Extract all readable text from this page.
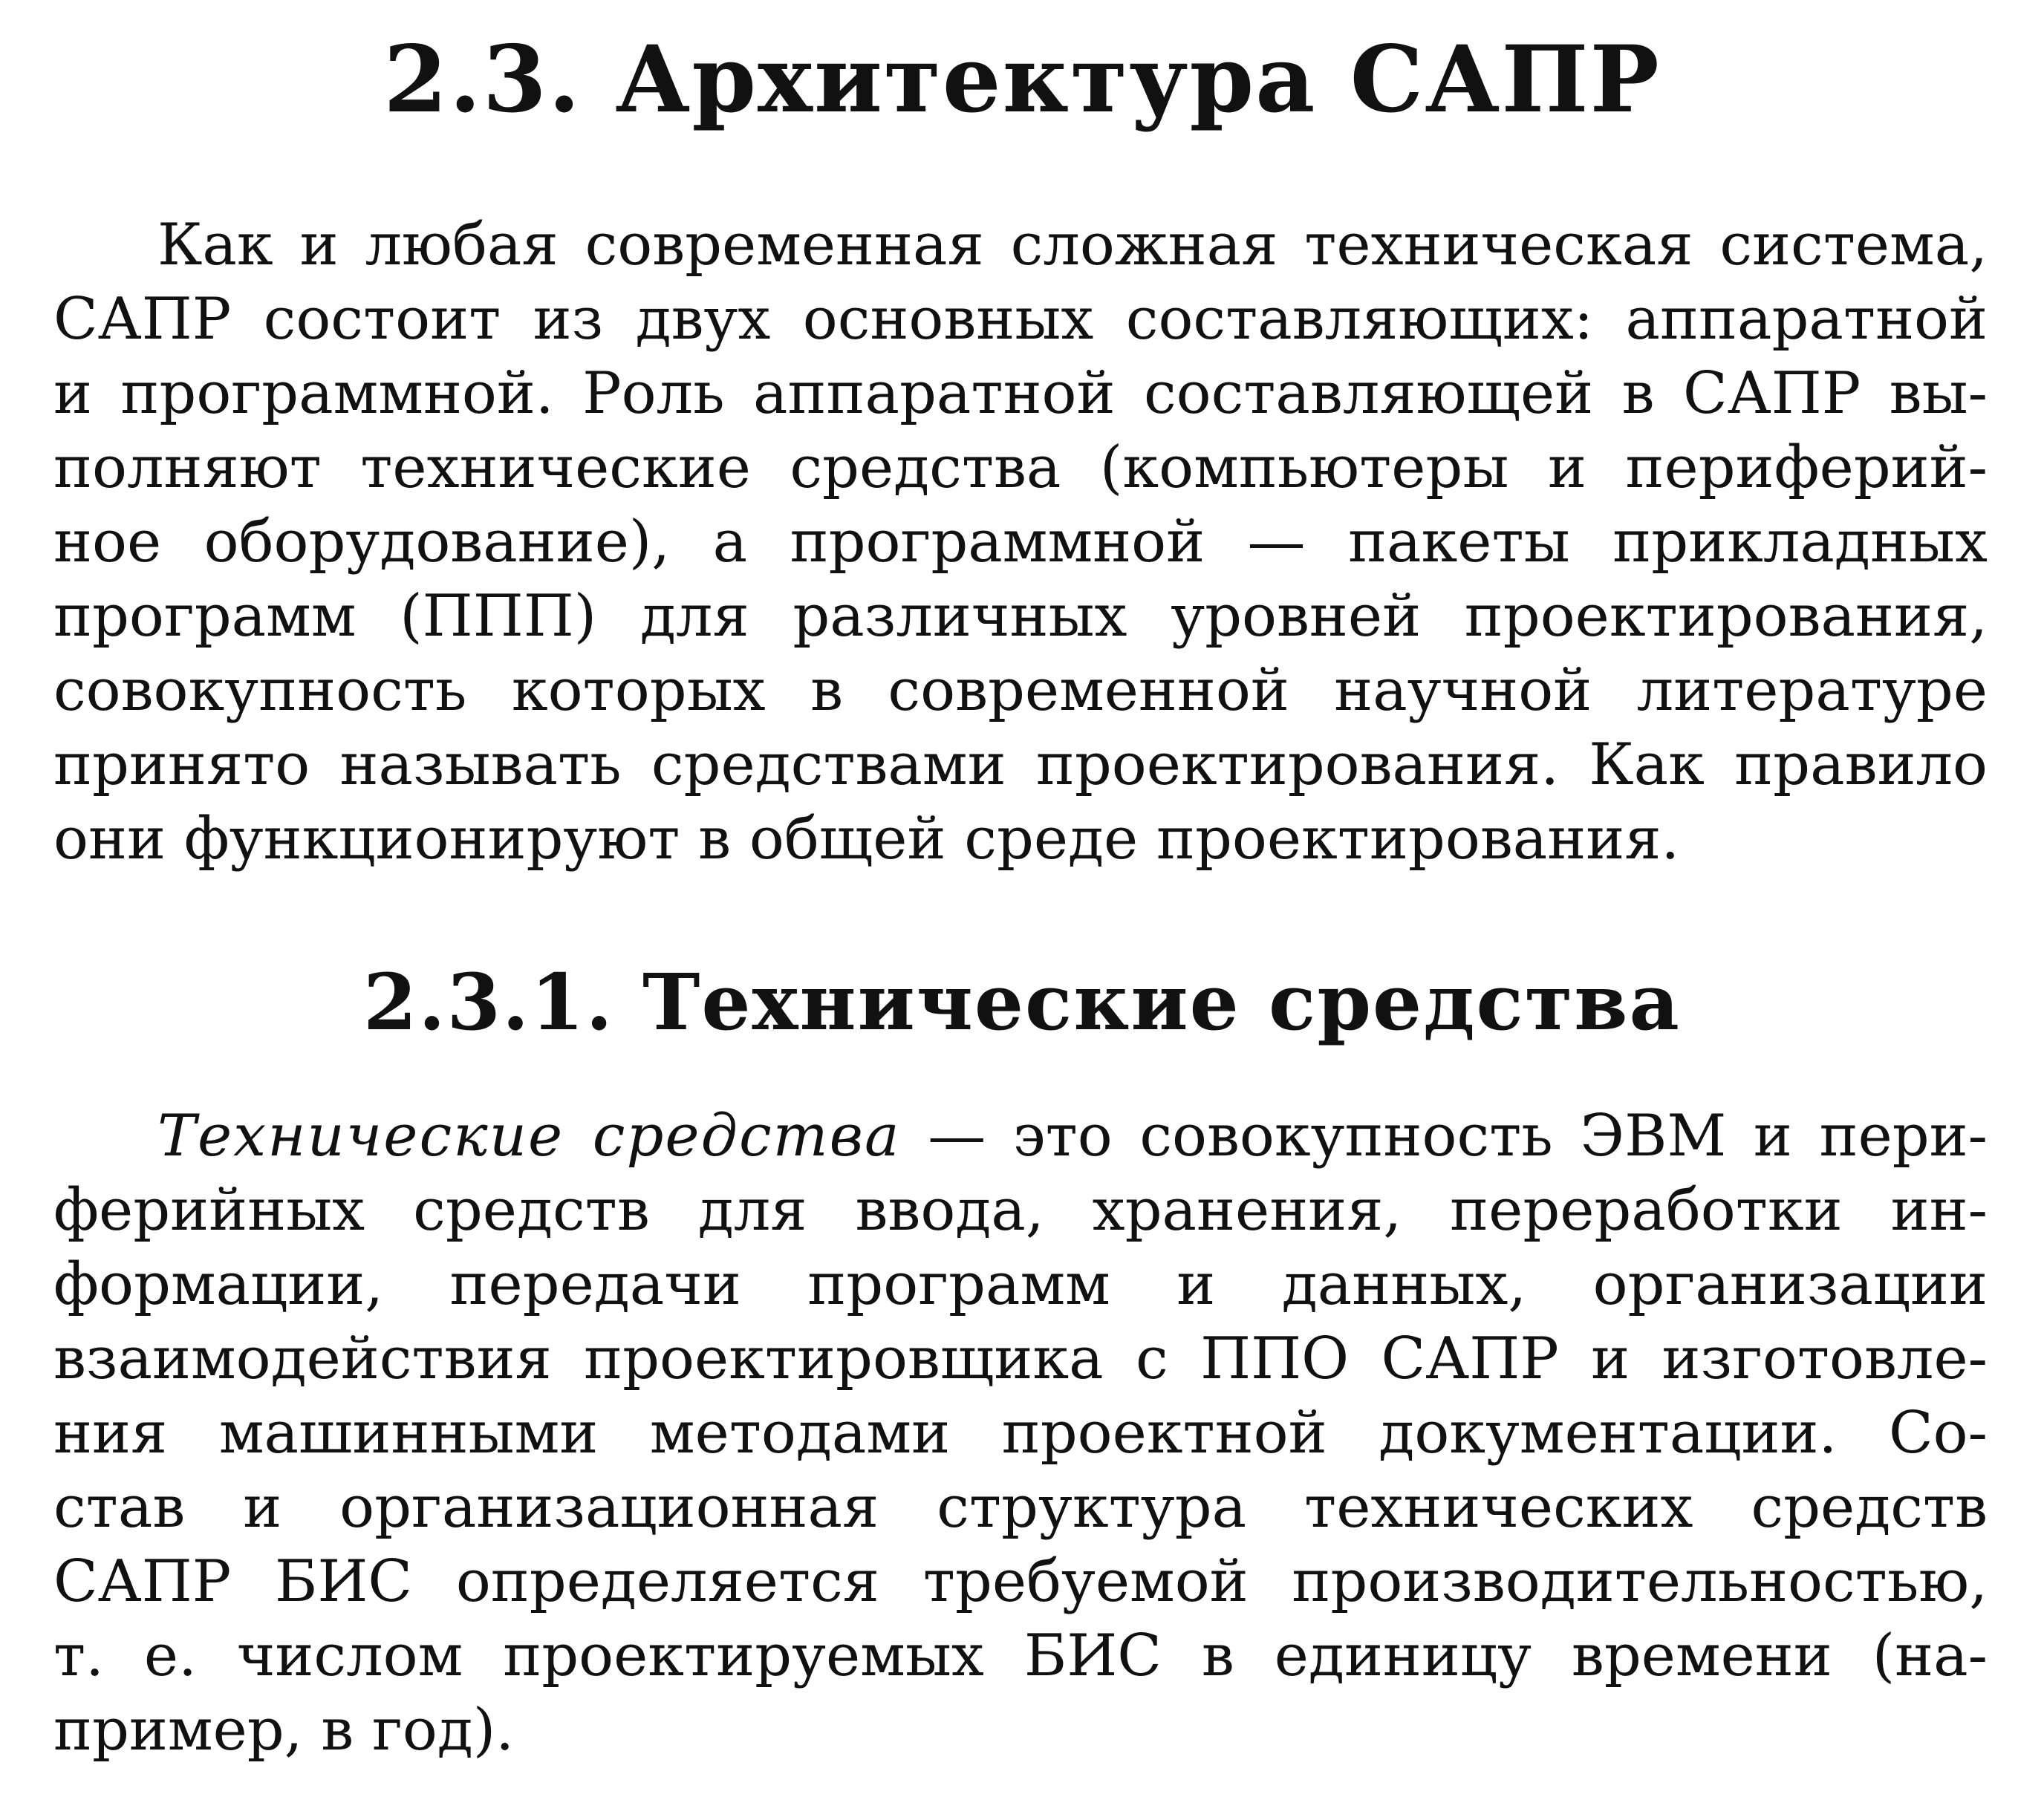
2.3. Архитектура САПР
Как и любая современная сложная техническая система,
САПР состоит из двух основных составляющих: аппаратной
и программной. Роль аппаратной составляющей в САПР вы-
полняют технические средства (компьютеры и периферий-
ное оборудование), а программной — пакеты прикладных
программ (ППП) для различных уровней проектирования,
совокупность которых в современной научной литературе
принято называть средствами проектирования. Как правило
они функционируют в общей среде проектирования.
2.3.1. Технические средства
Технические средства — это совокупность ЭВМ и пери-
ферийных средств для ввода, хранения, переработки ин-
формации, передачи программ и данных, организации
взаимодействия проектировщика с ППО САПР и изготовле-
ния машинными методами проектной документации. Со-
став и организационная структура технических средств
САПР БИС определяется требуемой производительностью,
т. е. числом проектируемых БИС в единицу времени (на-
пример, в год).
